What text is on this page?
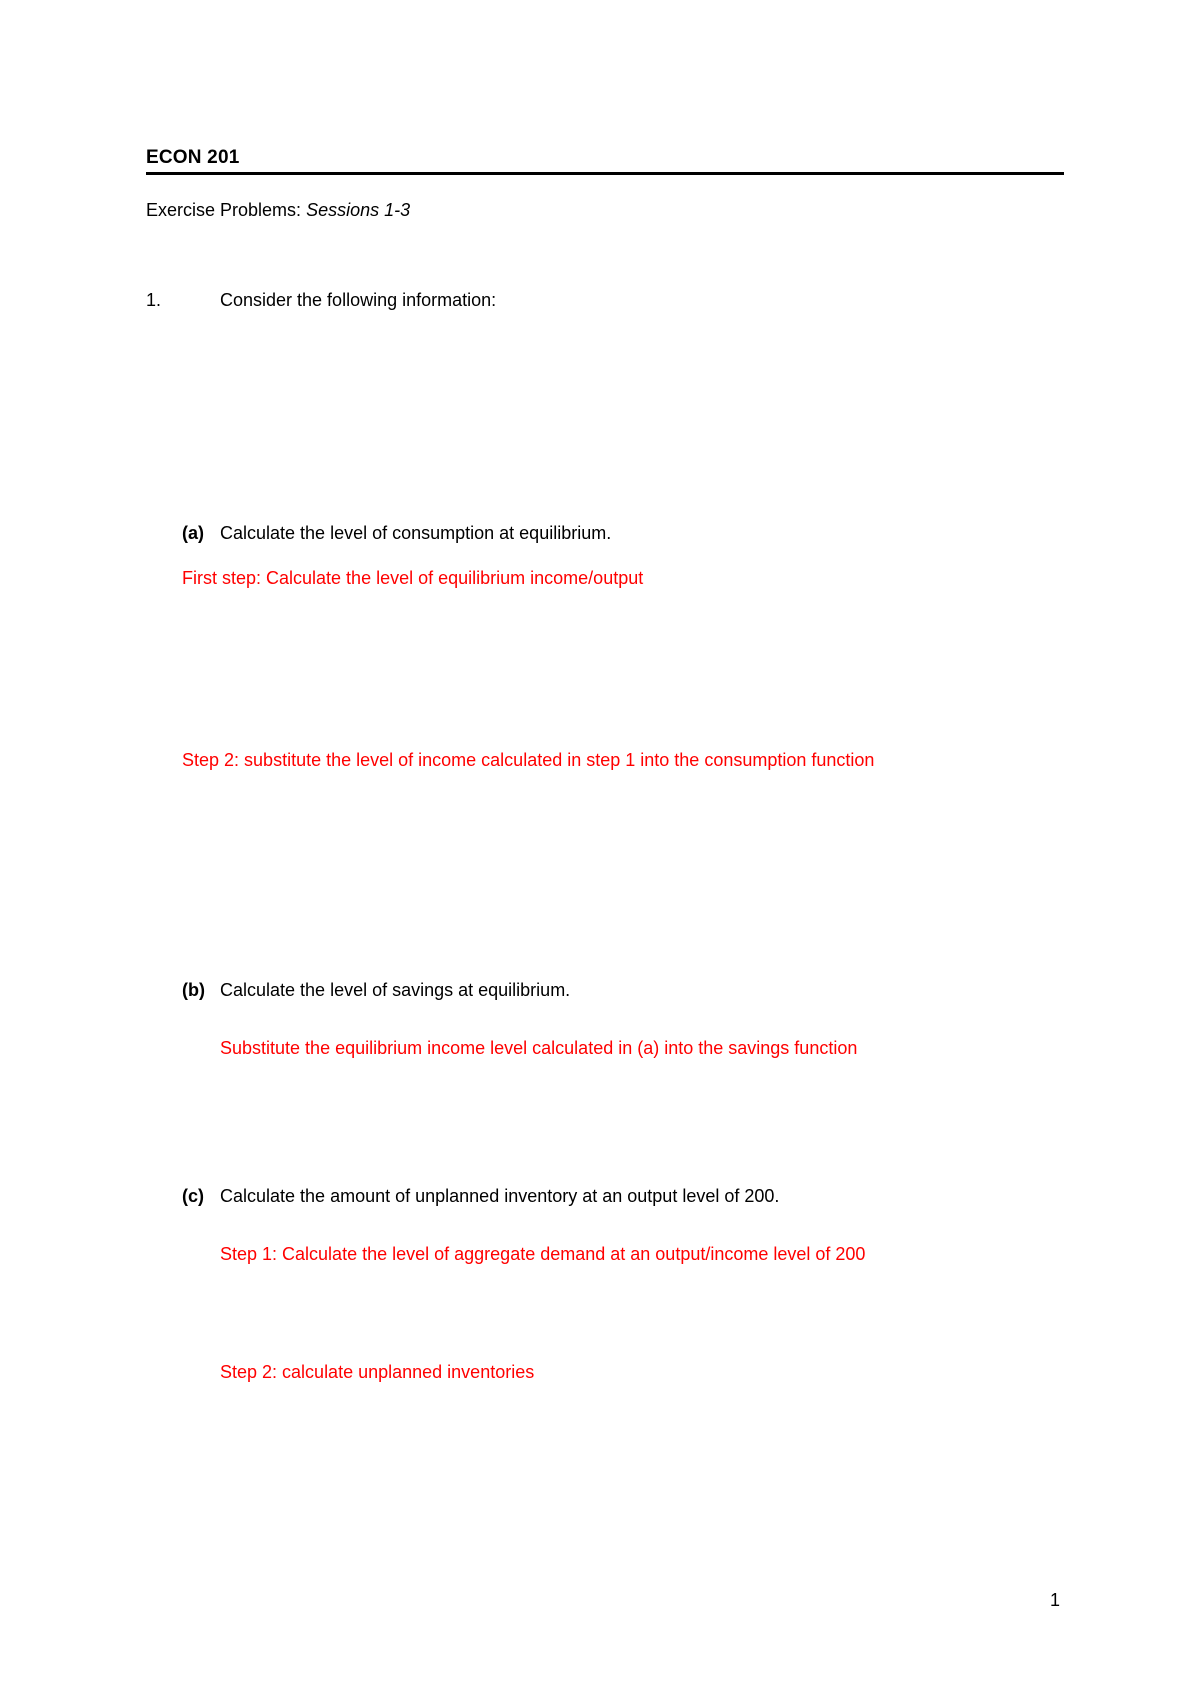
ECON 201
Exercise Problems: Sessions 1-3
1.	Consider the following information:
(a) Calculate the level of consumption at equilibrium.
First step: Calculate the level of equilibrium income/output
Step 2: substitute the level of income calculated in step 1 into the consumption function
(b) Calculate the level of savings at equilibrium.
Substitute the equilibrium income level calculated in (a) into the savings function
(c) Calculate the amount of unplanned inventory at an output level of 200.
Step 1: Calculate the level of aggregate demand at an output/income level of 200
Step 2: calculate unplanned inventories
1
